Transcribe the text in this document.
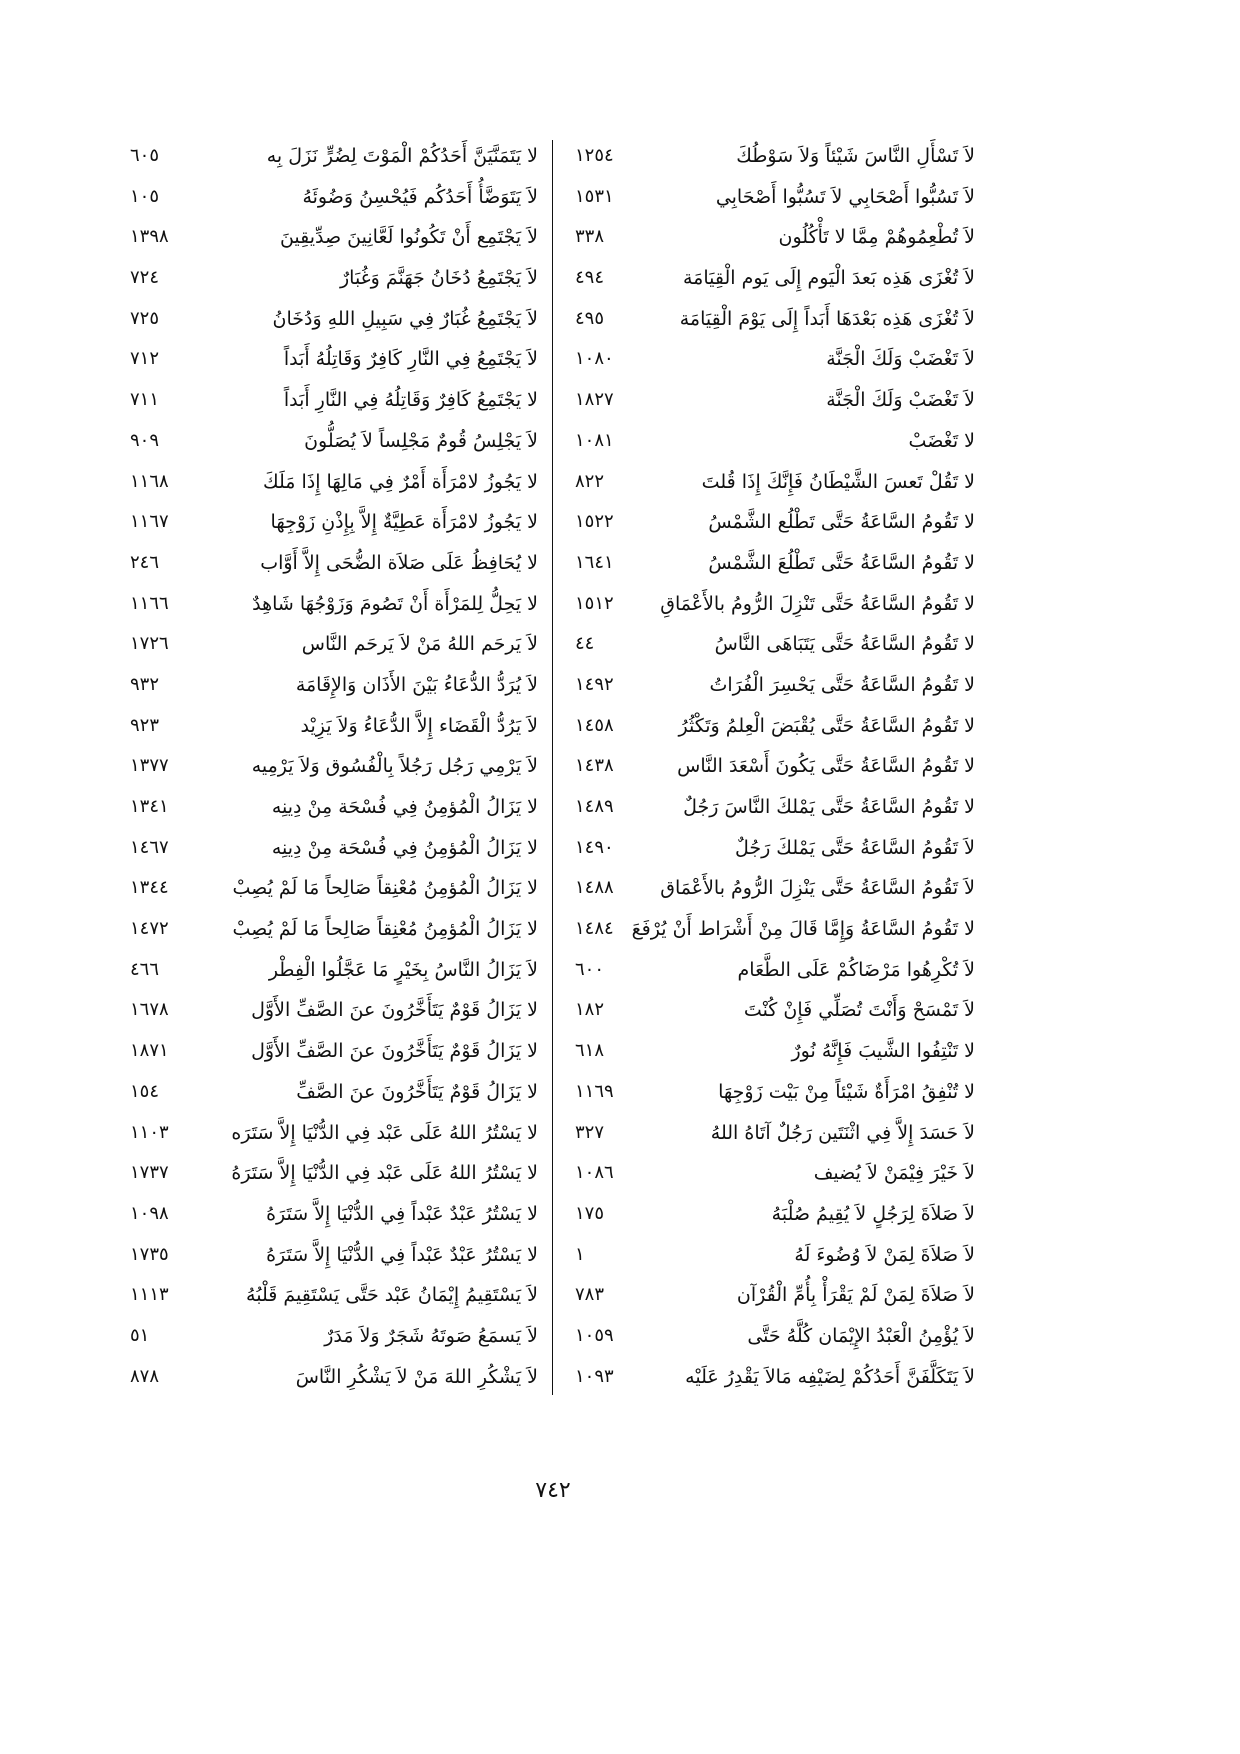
لاَ تَسْأَلِ النَّاسَ شَيْئاً وَلاَ سَوْطُكَ
١٢٥٤
لاَ تَسُبُّوا أَصْحَابِي لاَ تَسُبُّوا أَصْحَابِي
١٥٣١
لاَ تُطْعِمُوهُمْ مِمَّا لا تَأْكُلُون
٣٣٨
لاَ تُغْزَى هَذِه بَعدَ الْيَوم إِلَى يَوم الْقِيَامَة
٤٩٤
لاَ تُغْزَى هَذِه بَعْدَهَا أَبَداً إِلَى يَوْمَ الْقِيَامَة
٤٩٥
لاَ تَغْضَبْ وَلَكَ الْجَنَّة
١٠٨٠
لاَ تَغْضَبْ وَلَكَ الْجَنَّة
١٨٢٧
لا تَغْضَبْ
١٠٨١
لا تَقُلْ تَعسَ الشَّيْطَانُ فَإِنَّكَ إِذَا قُلتَ
٨٢٢
لا تَقُومُ السَّاعَةُ حَتَّى تَطْلُع الشَّمْسُ
١٥٢٢
لا تَقُومُ السَّاعَةُ حَتَّى تَطْلُعَ الشَّمْسُ
١٦٤١
لا تَقُومُ السَّاعَةُ حَتَّى تَنْزِلَ الرُّومُ بالأَعْمَاقِ
١٥١٢
لا تَقُومُ السَّاعَةُ حَتَّى يَتَبَاهَى النَّاسُ
٤٤
لا تَقُومُ السَّاعَةُ حَتَّى يَحْسِرَ الْفُرَاتُ
١٤٩٢
لا تَقُومُ السَّاعَةُ حَتَّى يُقْبَضَ الْعِلمُ وَتَكْثُرُ
١٤٥٨
لا تَقُومُ السَّاعَةُ حَتَّى يَكُونَ أَسْعَدَ النَّاس
١٤٣٨
لا تَقُومُ السَّاعَةُ حَتَّى يَمْلكَ النَّاسَ رَجُلٌ
١٤٨٩
لاَ تَقُومُ السَّاعَةُ حَتَّى يَمْلكَ رَجُلٌ
١٤٩٠
لاَ تَقُومُ السَّاعَةُ حَتَّى يَنْزِلَ الرُّومُ بالأَعْمَاق
١٤٨٨
لا تَقُومُ السَّاعَةُ وَإِمَّا قَالَ مِنْ أَشْرَاط أَنْ يُرْفَعَ
١٤٨٤
لاَ تُكْرِهُوا مَرْضَاكُمْ عَلَى الطَّعَام
٦٠٠
لاَ تَمْسَحْ وَأَنْتَ تُصَلِّي فَإِنْ كُنْتَ
١٨٢
لا تَنْتِفُوا الشَّيبَ فَإِنَّهُ نُورٌ
٦١٨
لا تُنْفِقُ امْرَأَةٌ شَيْئاً مِنْ بَيْت زَوْجِهَا
١١٦٩
لاَ حَسَدَ إِلاَّ فِي اثْنَتَين رَجُلٌ آتَاهُ اللهُ
٣٢٧
لاَ خَيْرَ فِيْمَنْ لاَ يُضيف
١٠٨٦
لاَ صَلاَةَ لِرَجُلٍ لاَ يُقِيمُ صُلْبَهُ
١٧٥
لاَ صَلاَةَ لِمَنْ لاَ وُضُوءَ لَهُ
١
لاَ صَلاَةَ لِمَنْ لَمْ يَقْرَأْ بِأُمِّ الْقُرْآن
٧٨٣
لاَ يُؤْمِنُ الْعَبْدُ الإِيْمَان كُلَّهُ حَتَّى
١٠٥٩
لاَ يَتَكَلَّفَنَّ أَحَدُكُمْ لِضَيْفِه مَالاَ يَقْدِرُ عَلَيْه
١٠٩٣
لا يَتَمَنَّيَنَّ أَحَدُكُمْ الْمَوْتَ لِضُرٍّ نَزَلَ بِه
٦٠٥
لاَ يَتَوَضَّأُ أَحَدُكُم فَيُحْسِنُ وَضُوئَهُ
١٠٥
لاَ يَجْتَمِع أَنْ تَكُونُوا لَعَّانِينَ صِدِّيقِينَ
١٣٩٨
لاَ يَجْتَمِعُ دُخَانُ جَهَنَّمَ وَغُبَارٌ
٧٢٤
لاَ يَجْتَمِعُ غُبَارٌ فِي سَبِيلِ اللهِ وَدُخَانُ
٧٢٥
لاَ يَجْتَمِعُ فِي النَّارِ كَافِرٌ وَقَاتِلُهُ أَبَداً
٧١٢
لا يَجْتَمِعُ كَافِرٌ وَقَاتِلُهُ فِي النَّارِ أَبَداً
٧١١
لاَ يَجْلِسُ قُومٌ مَجْلِساً لاَ يُصَلُّونَ
٩٠٩
لا يَجُوزُ لامْرَأَة أَمْرٌ فِي مَالِهَا إِذَا مَلَكَ
١١٦٨
لا يَجُوزُ لامْرَأَة عَطِيَّةٌ إِلاَّ بِإِذْنِ زَوْجِهَا
١١٦٧
لا يُحَافِظُ عَلَى صَلاَة الضُّحَى إِلاَّ أَوَّاب
٢٤٦
لا يَحِلُّ لِلمَرْأَة أَنْ تَصُومَ وَزَوْجُهَا شَاهِدٌ
١١٦٦
لاَ يَرحَم اللهُ مَنْ لاَ يَرحَم النَّاس
١٧٢٦
لاَ يُرَدُّ الدُّعَاءُ بَيْنَ الأَذَان وَالإِقَامَة
٩٣٢
لاَ يَرُدُّ الْقَضَاء إِلاَّ الدُّعَاءُ وَلاَ يَزِيْد
٩٢٣
لاَ يَرْمِي رَجُل رَجُلاً بِالْفُسُوق وَلاَ يَرْمِيه
١٣٧٧
لا يَزَالُ الْمُؤمِنُ فِي فُسْحَة مِنْ دِينِه
١٣٤١
لا يَزَالُ الْمُؤمِنُ فِي فُسْحَة مِنْ دِينِه
١٤٦٧
لا يَزَالُ الْمُؤمِنُ مُعْنِقاً صَالِحاً مَا لَمْ يُصِبْ
١٣٤٤
لا يَزَالُ الْمُؤمِنُ مُعْنِقاً صَالِحاً مَا لَمْ يُصِبْ
١٤٧٢
لاَ يَزَالُ النَّاسُ بِخَيْرٍ مَا عَجَّلُوا الْفِطْر
٤٦٦
لا يَزَالُ قَوْمٌ يَتَأَخَّرُونَ عنَ الصَّفِّ الأَوَّل
١٦٧٨
لا يَزَالُ قَوْمٌ يَتَأَخَّرُونَ عنَ الصَّفِّ الأَوَّل
١٨٧١
لا يَزَالُ قَوْمٌ يَتَأَخَّرُونَ عنَ الصَّفِّ
١٥٤
لا يَسْتُرُ اللهُ عَلَى عَبْد فِي الدُّنْيَا إِلاَّ سَتَرَه
١١٠٣
لا يَسْتُرُ اللهُ عَلَى عَبْد فِي الدُّنْيَا إِلاَّ سَتَرَهُ
١٧٣٧
لا يَسْتُرُ عَبْدٌ عَبْداً فِي الدُّنْيَا إِلاَّ سَتَرَهُ
١٠٩٨
لا يَسْتُرُ عَبْدٌ عَبْداً فِي الدُّنْيَا إِلاَّ سَتَرَهُ
١٧٣٥
لاَ يَسْتَقِيمُ إِيْمَانُ عَبْد حَتَّى يَسْتَقِيمَ قَلْبُهُ
١١١٣
لاَ يَسمَعُ صَوتَهُ شَجَرٌ وَلاَ مَدَرٌ
٥١
لاَ يَشْكُرِ اللهَ مَنْ لاَ يَشْكُرِ النَّاسَ
٨٧٨
٧٤٢
